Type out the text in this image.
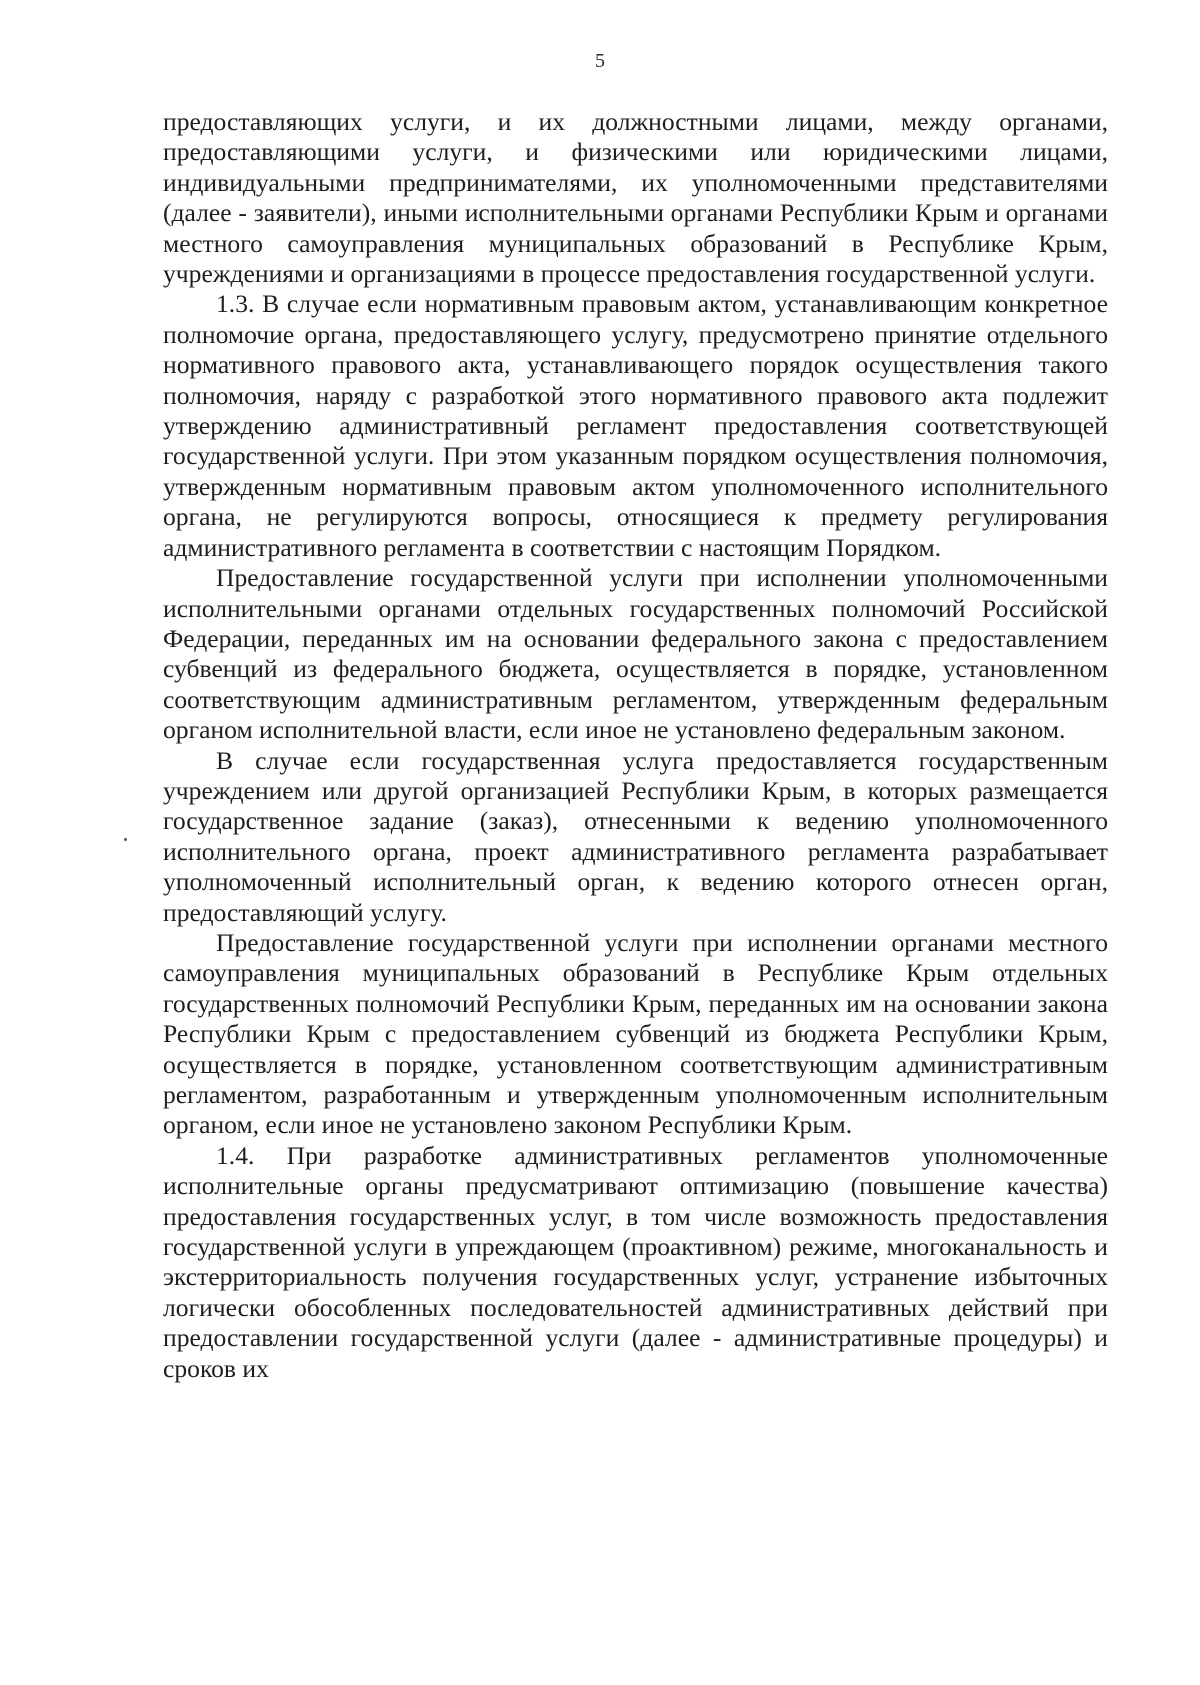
5

предоставляющих услуги, и их должностными лицами, между органами, предоставляющими услуги, и физическими или юридическими лицами, индивидуальными предпринимателями, их уполномоченными представителями (далее - заявители), иными исполнительными органами Республики Крым и органами местного самоуправления муниципальных образований в Республике Крым, учреждениями и организациями в процессе предоставления государственной услуги.

1.3. В случае если нормативным правовым актом, устанавливающим конкретное полномочие органа, предоставляющего услугу, предусмотрено принятие отдельного нормативного правового акта, устанавливающего порядок осуществления такого полномочия, наряду с разработкой этого нормативного правового акта подлежит утверждению административный регламент предоставления соответствующей государственной услуги. При этом указанным порядком осуществления полномочия, утвержденным нормативным правовым актом уполномоченного исполнительного органа, не регулируются вопросы, относящиеся к предмету регулирования административного регламента в соответствии с настоящим Порядком.

Предоставление государственной услуги при исполнении уполномоченными исполнительными органами отдельных государственных полномочий Российской Федерации, переданных им на основании федерального закона с предоставлением субвенций из федерального бюджета, осуществляется в порядке, установленном соответствующим административным регламентом, утвержденным федеральным органом исполнительной власти, если иное не установлено федеральным законом.

В случае если государственная услуга предоставляется государственным учреждением или другой организацией Республики Крым, в которых размещается государственное задание (заказ), отнесенными к ведению уполномоченного исполнительного органа, проект административного регламента разрабатывает уполномоченный исполнительный орган, к ведению которого отнесен орган, предоставляющий услугу.

Предоставление государственной услуги при исполнении органами местного самоуправления муниципальных образований в Республике Крым отдельных государственных полномочий Республики Крым, переданных им на основании закона Республики Крым с предоставлением субвенций из бюджета Республики Крым, осуществляется в порядке, установленном соответствующим административным регламентом, разработанным и утвержденным уполномоченным исполнительным органом, если иное не установлено законом Республики Крым.

1.4. При разработке административных регламентов уполномоченные исполнительные органы предусматривают оптимизацию (повышение качества) предоставления государственных услуг, в том числе возможность предоставления государственной услуги в упреждающем (проактивном) режиме, многоканальность и экстерриториальность получения государственных услуг, устранение избыточных логически обособленных последовательностей административных действий при предоставлении государственной услуги (далее - административные процедуры) и сроков их
